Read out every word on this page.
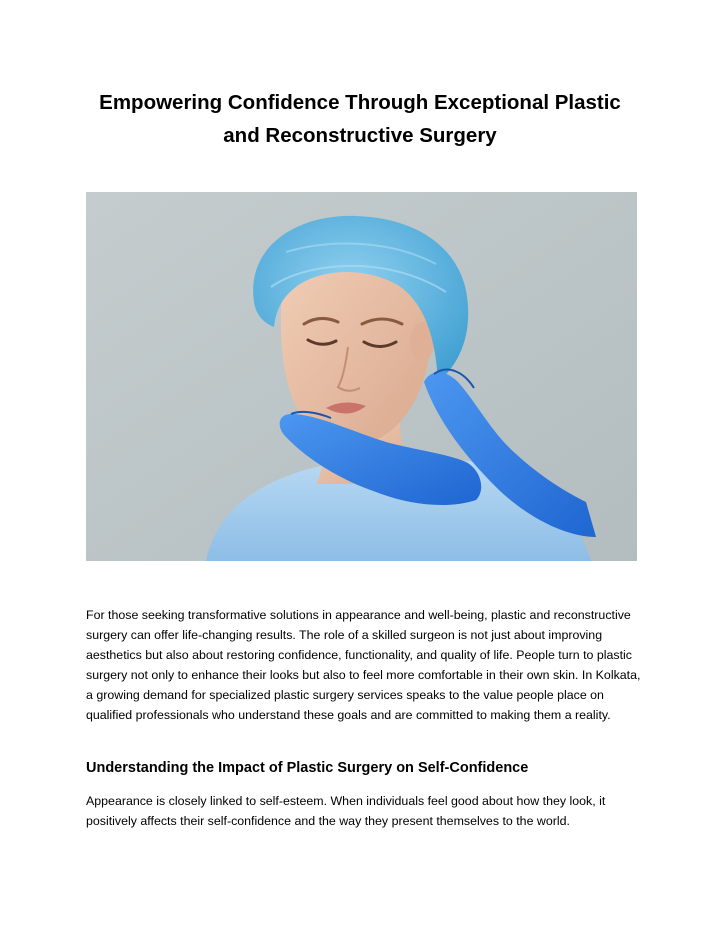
Empowering Confidence Through Exceptional Plastic
and Reconstructive Surgery

For those seeking transformative solutions in appearance and well-being, plastic and reconstructive surgery can offer life-changing results. The role of a skilled surgeon is not just about improving aesthetics but also about restoring confidence, functionality, and quality of life. People turn to plastic surgery not only to enhance their looks but also to feel more comfortable in their own skin. In Kolkata, a growing demand for specialized plastic surgery services speaks to the value people place on qualified professionals who understand these goals and are committed to making them a reality.

Understanding the Impact of Plastic Surgery on Self-Confidence

Appearance is closely linked to self-esteem. When individuals feel good about how they look, it positively affects their self-confidence and the way they present themselves to the world.
